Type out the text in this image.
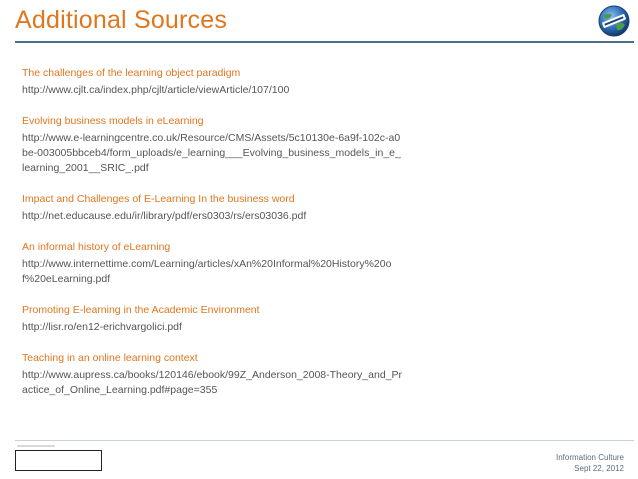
Additional Sources
The challenges of the learning object paradigm
http://www.cjlt.ca/index.php/cjlt/article/viewArticle/107/100
Evolving business models in eLearning
http://www.e-learningcentre.co.uk/Resource/CMS/Assets/5c10130e-6a9f-102c-a0be-003005bbceb4/form_uploads/e_learning___Evolving_business_models_in_e_learning_2001__SRIC_.pdf
Impact and Challenges of E-Learning In the business word
http://net.educause.edu/ir/library/pdf/ers0303/rs/ers03036.pdf
An informal history of eLearning
http://www.internettime.com/Learning/articles/xAn%20Informal%20History%20of%20eLearning.pdf
Promoting E-learning in the Academic Environment
http://lisr.ro/en12-erichvargolici.pdf
Teaching in an online learning context
http://www.aupress.ca/books/120146/ebook/99Z_Anderson_2008-Theory_and_Practice_of_Online_Learning.pdf#page=355
Information Culture
Sept 22, 2012
